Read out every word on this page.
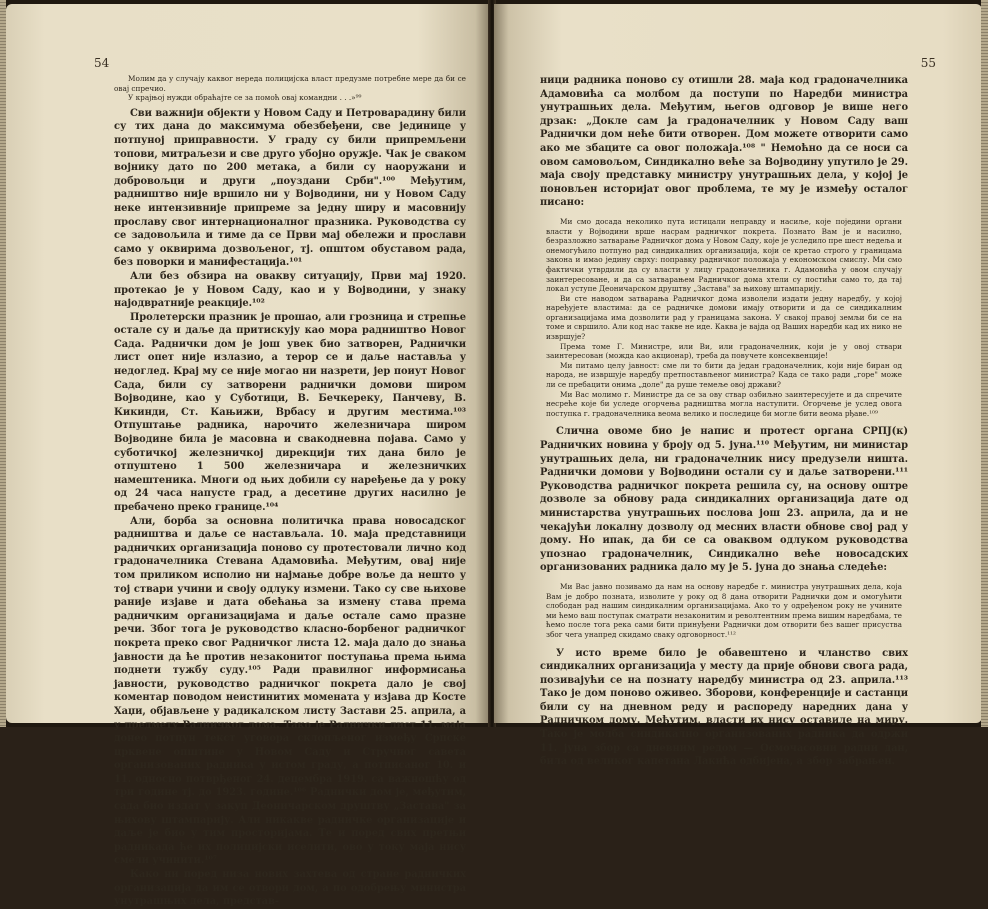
54

Молим да у случају каквог нереда полицијска власт предузме потребне мере да би се овај спречио.

У крајњој нужди обраћајте се за помоћ овај командни . . .»⁹⁹

Сви важнији објекти у Новом Саду и Петроварадину били су тих дана до максимума обезбеђени, све јединице у потпуној приправности. У граду су били припремљени топови, митраљези и све друго убојно оружје. Чак је сваком војнику дато по 200 метака, а били су наоружани и добровољци и други „поуздани Срби".¹⁰⁰ Међутим, радништво није вршило ни у Војводини, ни у Новом Саду неке интензивније припреме за једну ширу и масовнију прославу свог интернационалног празника. Руководства су се задовољила и тиме да се Први мај обележи и прослави само у оквирима дозвољеног, тј. општом обуставом рада, без поворки и манифестација.¹⁰¹

Али без обзира на овакву ситуацију, Први мај 1920. протекао је у Новом Саду, као и у Војводини, у знаку најодвратније реакције.¹⁰²

Пролетерски празник је прошао, али грозница и стрепње остале су и даље да притискују као мора радништво Новог Сада. Раднички дом је још увек био затворен, Раднички лист опет није излазио, а терор се и даље наставља у недоглед. Крај му се није могао ни назрети, јер поиут Новог Сада, били су затворени раднички домови широм Војводине, као у Суботици, В. Бечкереку, Панчеву, В. Кикинди, Ст. Кањижи, Врбасу и другим местима.¹⁰³ Отпуштање радника, нарочито железничара широм Војводине била је масовна и свакодневна појава. Само у суботичкој железничкој дирекцији тих дана било је отпуштено 1 500 железничара и железничких намештеника. Многи од њих добили су наређење да у року од 24 часа напусте град, а десетине других насилно је пребачено преко границе.¹⁰⁴

Али, борба за основна политичка права новосадског радништва и даље се настављала. 10. маја представници радничких организација поново су протестовали лично код градоначелника Стевана Адамовића. Међутим, овај није том приликом исполио ни најмање добре воље да нешто у тој ствари учини и своју одлуку измени. Тако су све њихове раније изјаве и дата обећања за измену става према радничким организацијама и даље остале само празне речи. Због тога је руководство класно-борбеног радничког покрета преко свог Радничког листа 12. маја дало до знања јавности да ће против незаконитог поступања према њима поднети тужбу суду.¹⁰⁵ Ради правилног информисања јавности, руководство радничког покрета дало је свој коментар поводом неистинитих момената у изјава др Косте Хаџи, објављене у радикалском листу Застави 25. априла, а у предмету Радничког дома. Тако је Раднички лист 11. маја донео потпун текст уговора склопљеног између Српске црквене општине у Новом Саду и Стручног савета организованих радника у истом граду, а потписаног 10. и 11. односно потврђеног 24. децембра 1919. са важношћу од три године тј. до 1923. године.¹⁰⁶ Раднички дом је, међутим, сада био издат у закуп Деоничарском друштву „Застава" за њихову штампарију. Али никакве радничке организације и даље је био у тим просторијама. Те и поред свих претњи радникада ће их полицијски иселити, ово у току маја нису смели учинити.¹⁰⁷

Како ни поред низа нових захтева од стране радничких организација да им се отвори дом, а по одобрењу министра унутрашњих дела, представ-

55

ници радника поново су отишли 28. маја код градоначелника Адамовића са молбом да поступи по Наредби министра унутрашњих дела. Међутим, његов одговор је више него дрзак: „Докле сам ја градоначелник у Новом Саду ваш Раднички дом неће бити отворен. Дом можете отворити само ако ме збаците са овог положаја.¹⁰⁸ " Немоћно да се носи са овом самовољом, Синдикално веће за Војводину упутило је 29. маја своју представку министру унутрашњих дела, у којој је поновљен историјат овог проблема, те му је између осталог писано:

Ми смо досада неколико пута истицали неправду и насиље, које поједини органи власти у Војводини врше насрам радничког покрета. Познато Вам је и насилно, безразложно затварање Радничког дома у Новом Саду, које је уследило пре шест недеља и онемогућило потпуно рад синдикалних организација, који се кретао строго у границама закона и имао једину сврху: поправку радничког положаја у економском смислу. Ми смо фактички утврдили да су власти у лицу градоначелника г. Адамовића у овом случају заинтересоване, и да са затварањем Радничког дома хтели су постићи само то, да тај локал уступе Деоничарском друштву „Застава" за њихову штампарију.

Ви сте наводом затварања Радничког дома изволели издати једну наредбу, у којој наређујете властима: да се радничке домови имају отворити и да се синдикалним организацијама има дозволити рад у границама закона. У свакој правој земљи би се на томе и свршило. Али код нас такве не иде. Каква је вајда од Ваших наредби кад их нико не извршује?

Према томе Г. Министре, или Ви, или градоначелник, који је у овој ствари заинтересован (можда као акционар), треба да повучете консеквенције!

Ми питамо целу јавност: сме ли то бити да један градоначелник, који није биран од народа, не извршује наредбу претпостављеног министра? Када се тако ради „горе" може ли се пребацити онима „доле" да руше темеље овој држави?

Ми Вас молимо г. Министре да се за ову ствар озбиљно заинтересујете и да спречите несреће које би уследе огорчења радништва могла наступити. Огорчење је услед овога поступка г. градоначелника веома велико и последице би могле бити веома рђаве.¹⁰⁹

Слична овоме био је напис и протест органа СРПЈ(к) Радничких новина у броју од 5. јуна.¹¹⁰ Међутим, ни министар унутрашњих дела, ни градоначелник нису предузели ништа. Раднички домови у Војводини остали су и даље затворени.¹¹¹ Руководства радничког покрета решила су, на основу оштре дозволе за обнову рада синдикалних организација дате од министарства унутрашњих послова још 23. априла, да и не чекајући локалну дозволу од месних власти обнове свој рад у дому. Но ипак, да би се са оваквом одлуком руководства упознао градоначелник, Синдикално веће новосадских организованих радника дало му је 5. јуна до знања следеће:

Ми Вас јавно позивамо да нам на основу наредбе г. министра унутрашњих дела, која Вам је добро позната, изволите у року од 8 дана отворити Раднички дом и омогућити слободан рад нашим синдикалним организацијама. Ако то у одређеном року не учините ми ћемо ваш поступак сматрати незаконитим и револтентним према вишим наредбама, те ћемо после тога река сами бити принуђени Раднички дом отворити без вашег присуства због чега унапред скидамо сваку одговорност.¹¹²

У исто време било је обавештено и чланство свих синдикалних организација у месту да прије обнови свога рада, позивајући се на познату наредбу министра од 23. априла.¹¹³ Тако је дом поново оживео. Зборови, конференције и састанци били су на дневном реду и распореду наредних дана у Радничком дому. Међутим, власти их нису оставиле на миру. Тако је молба синдикално организованих радника да одржи 11. јуна збор са дневним редом — Осмочасовни радни дан, била од великог капетана Лакића одбијена, а збор забрањен.
